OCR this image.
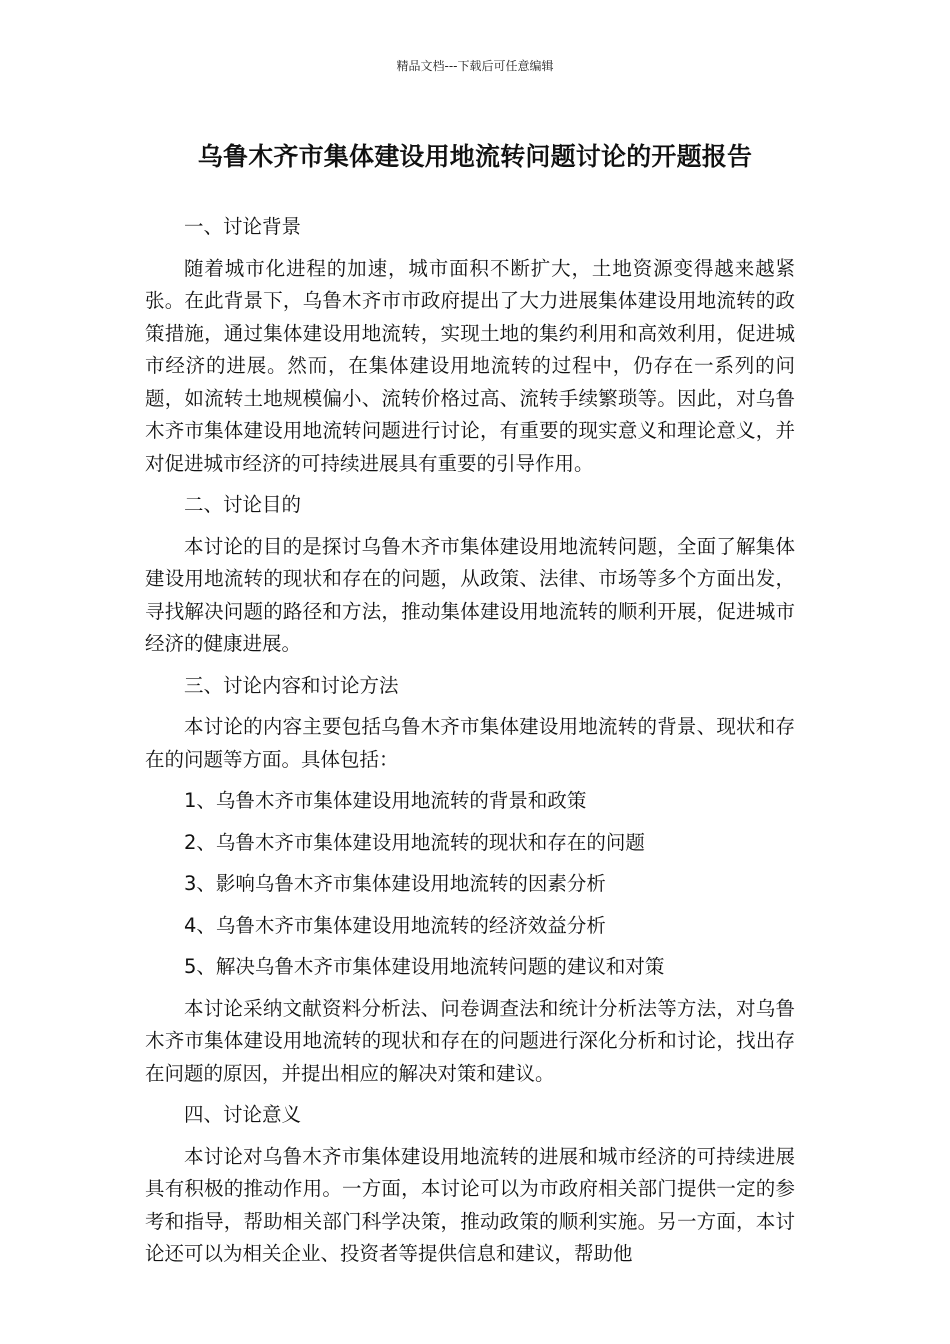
精品文档---下载后可任意编辑
乌鲁木齐市集体建设用地流转问题讨论的开题报告

一、讨论背景

随着城市化进程的加速，城市面积不断扩大，土地资源变得越来越紧张。在此背景下，乌鲁木齐市市政府提出了大力进展集体建设用地流转的政策措施，通过集体建设用地流转，实现土地的集约利用和高效利用，促进城市经济的进展。然而，在集体建设用地流转的过程中，仍存在一系列的问题，如流转土地规模偏小、流转价格过高、流转手续繁琐等。因此，对乌鲁木齐市集体建设用地流转问题进行讨论，有重要的现实意义和理论意义，并对促进城市经济的可持续进展具有重要的引导作用。

二、讨论目的

本讨论的目的是探讨乌鲁木齐市集体建设用地流转问题，全面了解集体建设用地流转的现状和存在的问题，从政策、法律、市场等多个方面出发，寻找解决问题的路径和方法，推动集体建设用地流转的顺利开展，促进城市经济的健康进展。

三、讨论内容和讨论方法

本讨论的内容主要包括乌鲁木齐市集体建设用地流转的背景、现状和存在的问题等方面。具体包括：

1、乌鲁木齐市集体建设用地流转的背景和政策

2、乌鲁木齐市集体建设用地流转的现状和存在的问题

3、影响乌鲁木齐市集体建设用地流转的因素分析

4、乌鲁木齐市集体建设用地流转的经济效益分析

5、解决乌鲁木齐市集体建设用地流转问题的建议和对策

本讨论采纳文献资料分析法、问卷调查法和统计分析法等方法，对乌鲁木齐市集体建设用地流转的现状和存在的问题进行深化分析和讨论，找出存在问题的原因，并提出相应的解决对策和建议。

四、讨论意义

本讨论对乌鲁木齐市集体建设用地流转的进展和城市经济的可持续进展具有积极的推动作用。一方面，本讨论可以为市政府相关部门提供一定的参考和指导，帮助相关部门科学决策，推动政策的顺利实施。另一方面，本讨论还可以为相关企业、投资者等提供信息和建议，帮助他
